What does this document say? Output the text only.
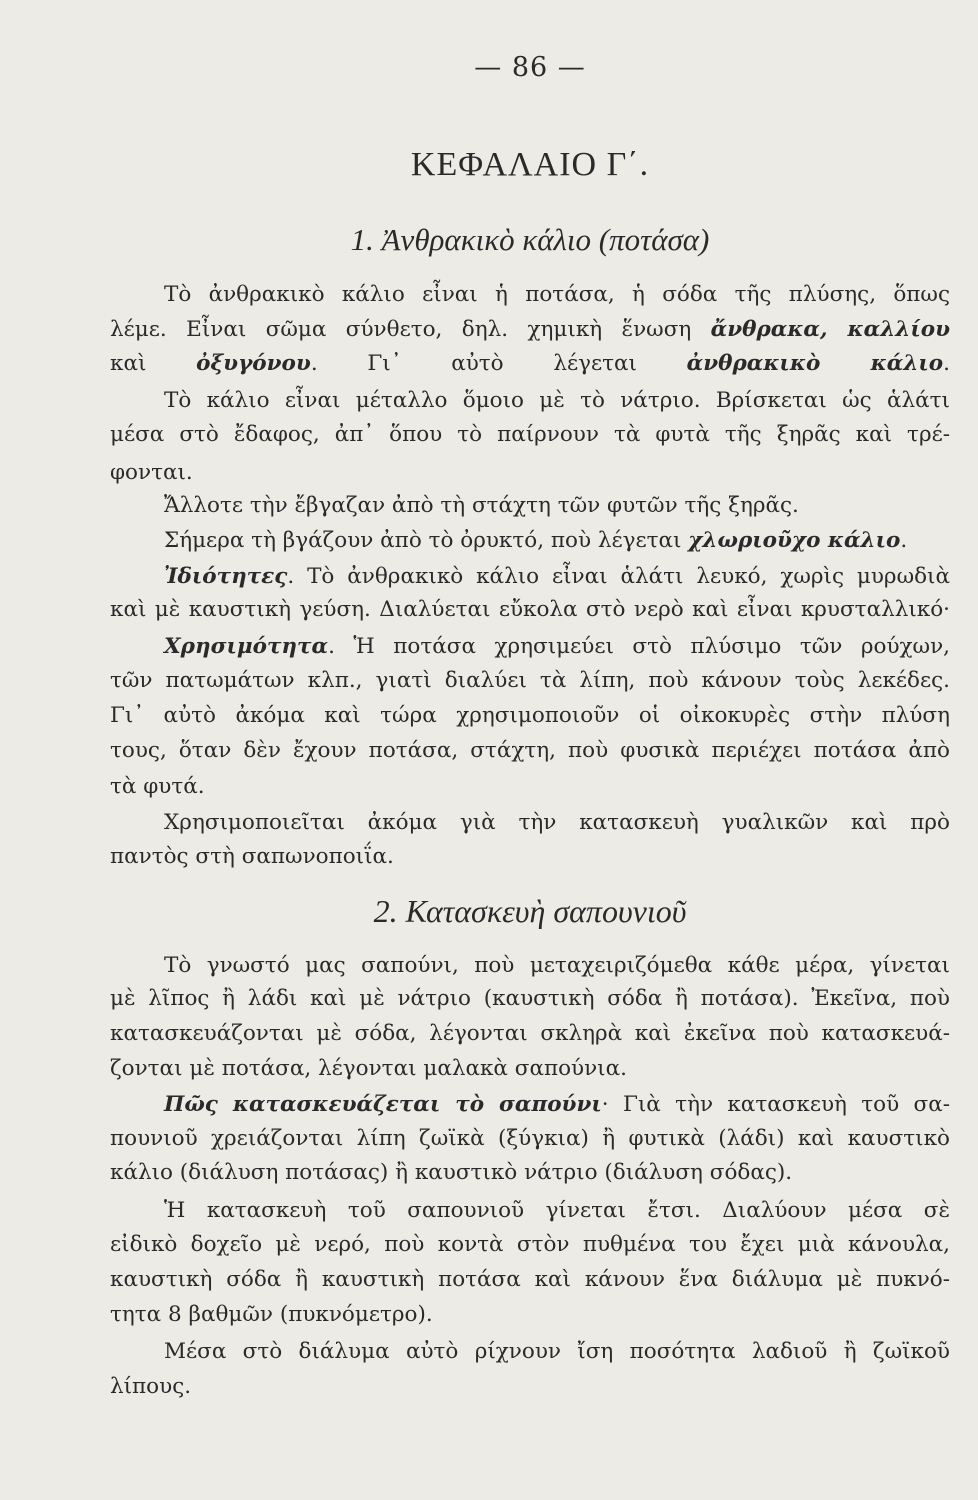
— 86 —
ΚΕΦΑΛΑΙΟ Γ΄.
1. Ἀνθρακικὸ κάλιο (ποτάσα)
Τὸ ἀνθρακικὸ κάλιο εἶναι ἡ ποτάσα, ἡ σόδα τῆς πλύσης, ὅπως
λέμε. Εἶναι σῶμα σύνθετο, δηλ. χημικὴ ἕνωση ἄνθρακα, καλλίου
καὶ ὀξυγόνου. Γι᾿ αὐτὸ λέγεται ἀνθρακικὸ κάλιο.
Τὸ κάλιο εἶναι μέταλλο ὅμοιο μὲ τὸ νάτριο. Βρίσκεται ὡς ἁλάτι
μέσα στὸ ἔδαφος, ἀπ᾿ ὅπου τὸ παίρνουν τὰ φυτὰ τῆς ξηρᾶς καὶ τρέ-
φονται.
Ἄλλοτε τὴν ἔβγαζαν ἀπὸ τὴ στάχτη τῶν φυτῶν τῆς ξηρᾶς.
Σήμερα τὴ βγάζουν ἀπὸ τὸ ὀρυκτό, ποὺ λέγεται χλωριοῦχο κάλιο.
Ἰδιότητες. Τὸ ἀνθρακικὸ κάλιο εἶναι ἁλάτι λευκό, χωρὶς μυρωδιὰ
καὶ μὲ καυστικὴ γεύση. Διαλύεται εὔκολα στὸ νερὸ καὶ εἶναι κρυσταλλικό·
Χρησιμότητα. Ἡ ποτάσα χρησιμεύει στὸ πλύσιμο τῶν ρούχων,
τῶν πατωμάτων κλπ., γιατὶ διαλύει τὰ λίπη, ποὺ κάνουν τοὺς λεκέδες.
Γι᾿ αὐτὸ ἀκόμα καὶ τώρα χρησιμοποιοῦν οἱ οἰκοκυρὲς στὴν πλύση
τους, ὅταν δὲν ἔχουν ποτάσα, στάχτη, ποὺ φυσικὰ περιέχει ποτάσα ἀπὸ
τὰ φυτά.
Χρησιμοποιεῖται ἀκόμα γιὰ τὴν κατασκευὴ γυαλικῶν καὶ πρὸ
παντὸς στὴ σαπωνοποιΐα.
2. Κατασκευὴ σαπουνιοῦ
Τὸ γνωστό μας σαπούνι, ποὺ μεταχειριζόμεθα κάθε μέρα, γίνεται
μὲ λῖπος ἢ λάδι καὶ μὲ νάτριο (καυστικὴ σόδα ἢ ποτάσα). Ἐκεῖνα, ποὺ
κατασκευάζονται μὲ σόδα, λέγονται σκληρὰ καὶ ἐκεῖνα ποὺ κατασκευά-
ζονται μὲ ποτάσα, λέγονται μαλακὰ σαπούνια.
Πῶς κατασκευάζεται τὸ σαπούνι· Γιὰ τὴν κατασκευὴ τοῦ σα-
πουνιοῦ χρειάζονται λίπη ζωϊκὰ (ξύγκια) ἢ φυτικὰ (λάδι) καὶ καυστικὸ
κάλιο (διάλυση ποτάσας) ἢ καυστικὸ νάτριο (διάλυση σόδας).
Ἡ κατασκευὴ τοῦ σαπουνιοῦ γίνεται ἔτσι. Διαλύουν μέσα σὲ
εἰδικὸ δοχεῖο μὲ νερό, ποὺ κοντὰ στὸν πυθμένα του ἔχει μιὰ κάνουλα,
καυστικὴ σόδα ἢ καυστικὴ ποτάσα καὶ κάνουν ἕνα διάλυμα μὲ πυκνό-
τητα 8 βαθμῶν (πυκνόμετρο).
Μέσα στὸ διάλυμα αὐτὸ ρίχνουν ἴση ποσότητα λαδιοῦ ἢ ζωϊκοῦ
λίπους.
